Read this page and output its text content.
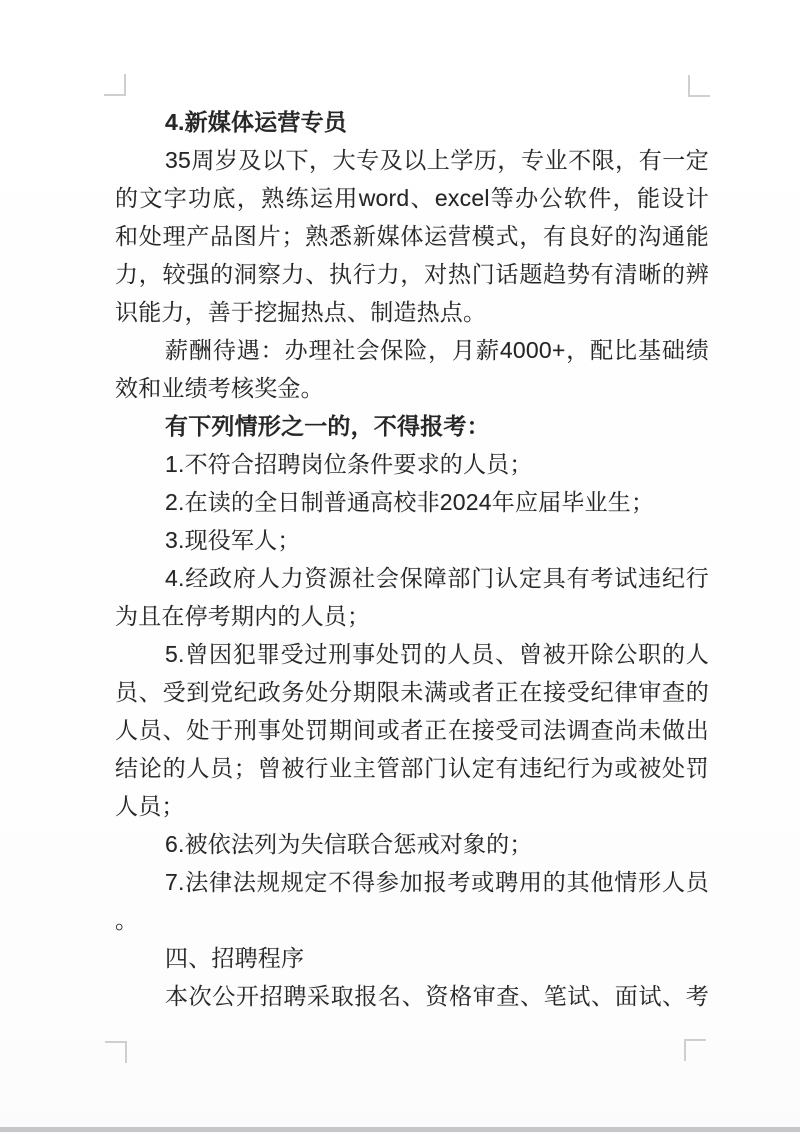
4.新媒体运营专员
35周岁及以下，大专及以上学历，专业不限，有一定
的文字功底，熟练运用word、excel等办公软件，能设计
和处理产品图片；熟悉新媒体运营模式，有良好的沟通能
力，较强的洞察力、执行力，对热门话题趋势有清晰的辨
识能力，善于挖掘热点、制造热点。
薪酬待遇：办理社会保险，月薪4000+，配比基础绩
效和业绩考核奖金。
有下列情形之一的，不得报考：
1.不符合招聘岗位条件要求的人员；
2.在读的全日制普通高校非2024年应届毕业生；
3.现役军人；
4.经政府人力资源社会保障部门认定具有考试违纪行
为且在停考期内的人员；
5.曾因犯罪受过刑事处罚的人员、曾被开除公职的人
员、受到党纪政务处分期限未满或者正在接受纪律审查的
人员、处于刑事处罚期间或者正在接受司法调查尚未做出
结论的人员；曾被行业主管部门认定有违纪行为或被处罚
人员；
6.被依法列为失信联合惩戒对象的；
7.法律法规规定不得参加报考或聘用的其他情形人员
。
四、招聘程序
本次公开招聘采取报名、资格审查、笔试、面试、考
